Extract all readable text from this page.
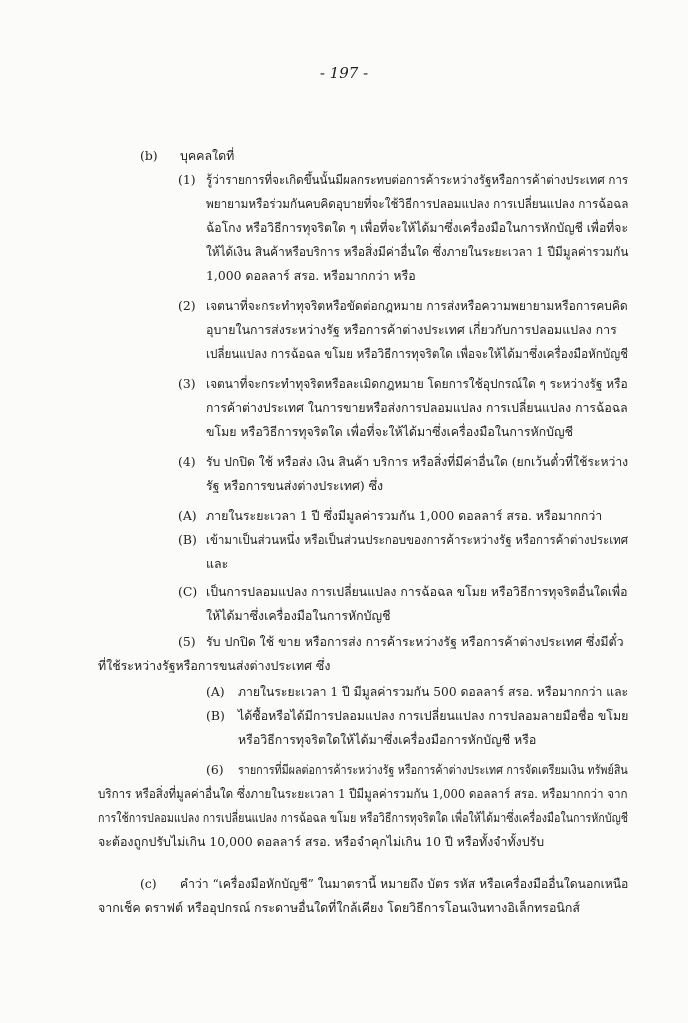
- 197 -
(b) บุคคลใดที่
(1) รู้ว่ารายการที่จะเกิดขึ้นนั้นมีผลกระทบต่อการค้าระหว่างรัฐหรือการค้าต่างประเทศ การ
พยายามหรือร่วมกันคบคิดอุบายที่จะใช้วิธีการปลอมแปลง การเปลี่ยนแปลง การฉ้อฉล
ฉ้อโกง หรือวิธีการทุจริตใด ๆ เพื่อที่จะให้ได้มาซึ่งเครื่องมือในการหักบัญชี เพื่อที่จะ
ให้ได้เงิน สินค้าหรือบริการ หรือสิ่งมีค่าอื่นใด ซึ่งภายในระยะเวลา 1 ปีมีมูลค่ารวมกัน
1,000 ดอลลาร์ สรอ. หรือมากกว่า หรือ
(2) เจตนาที่จะกระทำทุจริตหรือขัดต่อกฎหมาย การส่งหรือความพยายามหรือการคบคิด
อุบายในการส่งระหว่างรัฐ หรือการค้าต่างประเทศ เกี่ยวกับการปลอมแปลง การ
เปลี่ยนแปลง การฉ้อฉล ขโมย หรือวิธีการทุจริตใด เพื่อจะให้ได้มาซึ่งเครื่องมือหักบัญชี
(3) เจตนาที่จะกระทำทุจริตหรือละเมิดกฎหมาย โดยการใช้อุปกรณ์ใด ๆ ระหว่างรัฐ หรือ
การค้าต่างประเทศ ในการขายหรือส่งการปลอมแปลง การเปลี่ยนแปลง การฉ้อฉล
ขโมย หรือวิธีการทุจริตใด เพื่อที่จะให้ได้มาซึ่งเครื่องมือในการหักบัญชี
(4) รับ ปกปิด ใช้ หรือส่ง เงิน สินค้า บริการ หรือสิ่งที่มีค่าอื่นใด (ยกเว้นตั๋วที่ใช้ระหว่าง
รัฐ หรือการขนส่งต่างประเทศ) ซึ่ง
(A) ภายในระยะเวลา 1 ปี ซึ่งมีมูลค่ารวมกัน 1,000 ดอลลาร์ สรอ. หรือมากกว่า
(B) เข้ามาเป็นส่วนหนึ่ง หรือเป็นส่วนประกอบของการค้าระหว่างรัฐ หรือการค้าต่างประเทศ
และ
(C) เป็นการปลอมแปลง การเปลี่ยนแปลง การฉ้อฉล ขโมย หรือวิธีการทุจริตอื่นใดเพื่อ
ให้ได้มาซึ่งเครื่องมือในการหักบัญชี
(5) รับ ปกปิด ใช้ ขาย หรือการส่ง การค้าระหว่างรัฐ หรือการค้าต่างประเทศ ซึ่งมีตั๋ว
ที่ใช้ระหว่างรัฐหรือการขนส่งต่างประเทศ ซึ่ง
(A) ภายในระยะเวลา 1 ปี มีมูลค่ารวมกัน 500 ดอลลาร์ สรอ. หรือมากกว่า และ
(B) ได้ซื้อหรือได้มีการปลอมแปลง การเปลี่ยนแปลง การปลอมลายมือชื่อ ขโมย
หรือวิธีการทุจริตใดให้ได้มาซึ่งเครื่องมือการหักบัญชี หรือ
(6) รายการที่มีผลต่อการค้าระหว่างรัฐ หรือการค้าต่างประเทศ การจัดเตรียมเงิน ทรัพย์สิน
บริการ หรือสิ่งที่มูลค่าอื่นใด ซึ่งภายในระยะเวลา 1 ปีมีมูลค่ารวมกัน 1,000 ดอลลาร์ สรอ. หรือมากกว่า จาก
การใช้การปลอมแปลง การเปลี่ยนแปลง การฉ้อฉล ขโมย หรือวิธีการทุจริตใด เพื่อให้ได้มาซึ่งเครื่องมือในการหักบัญชี
จะต้องถูกปรับไม่เกิน 10,000 ดอลลาร์ สรอ. หรือจำคุกไม่เกิน 10 ปี หรือทั้งจำทั้งปรับ
(c) คำว่า “เครื่องมือหักบัญชี” ในมาตรานี้ หมายถึง บัตร รหัส หรือเครื่องมืออื่นใดนอกเหนือ
จากเช็ค ดราฟต์ หรืออุปกรณ์ กระดาษอื่นใดที่ใกล้เคียง โดยวิธีการโอนเงินทางอิเล็กทรอนิกส์
